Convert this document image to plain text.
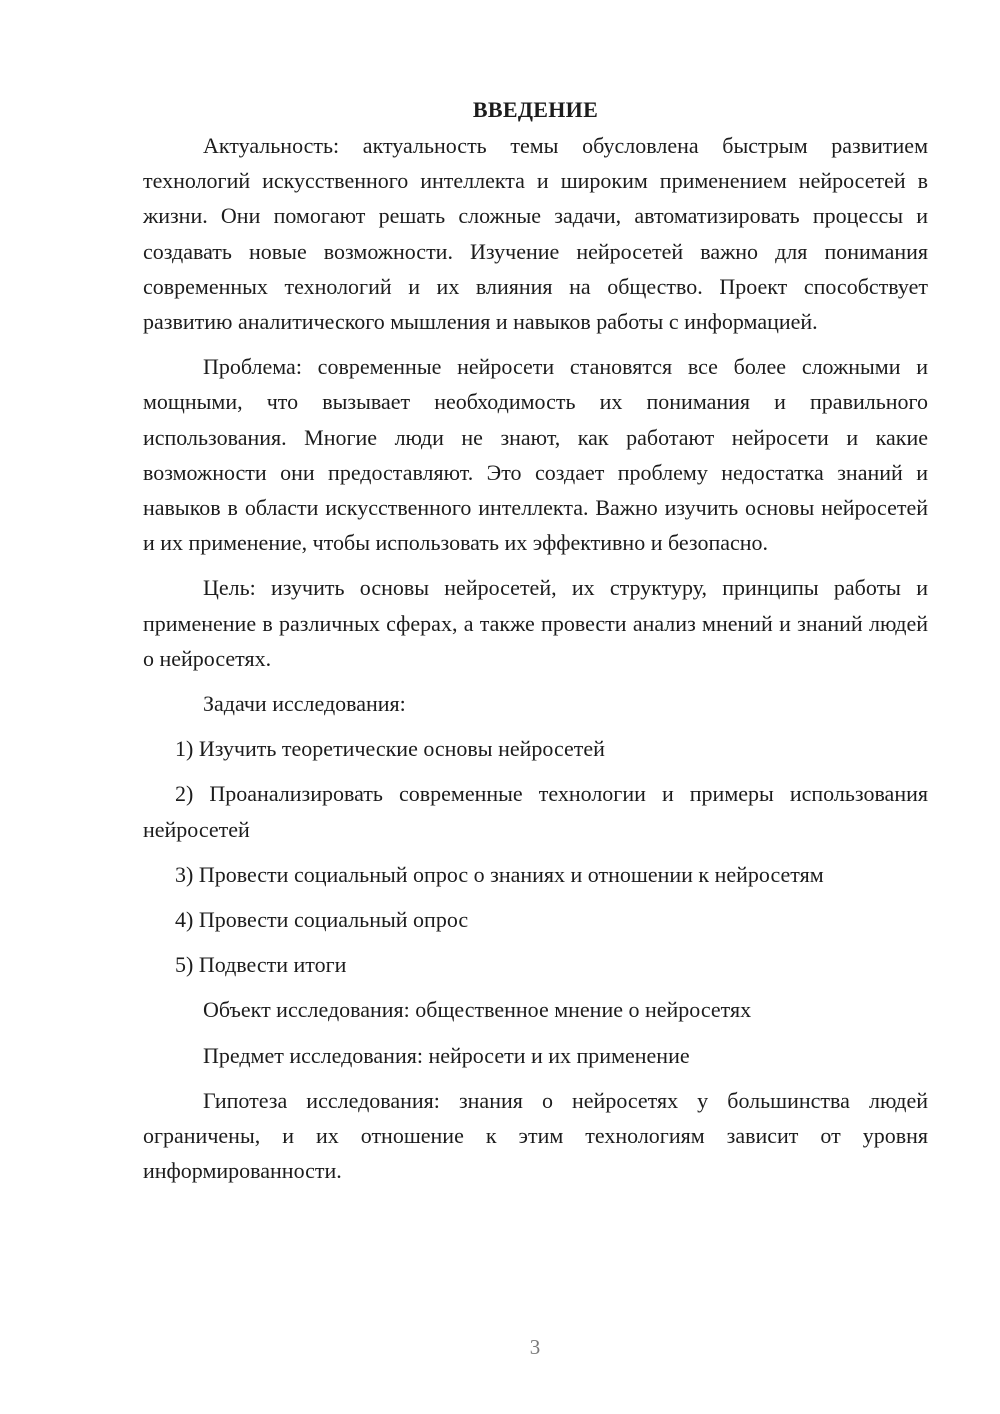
ВВЕДЕНИЕ

Актуальность: актуальность темы обусловлена быстрым развитием технологий искусственного интеллекта и широким применением нейросетей в жизни. Они помогают решать сложные задачи, автоматизировать процессы и создавать новые возможности. Изучение нейросетей важно для понимания современных технологий и их влияния на общество. Проект способствует развитию аналитического мышления и навыков работы с информацией.

Проблема: современные нейросети становятся все более сложными и мощными, что вызывает необходимость их понимания и правильного использования. Многие люди не знают, как работают нейросети и какие возможности они предоставляют. Это создает проблему недостатка знаний и навыков в области искусственного интеллекта. Важно изучить основы нейросетей и их применение, чтобы использовать их эффективно и безопасно.

Цель: изучить основы нейросетей, их структуру, принципы работы и применение в различных сферах, а также провести анализ мнений и знаний людей о нейросетях.

Задачи исследования:
1) Изучить теоретические основы нейросетей

2) Проанализировать современные технологии и примеры использования нейросетей

3) Провести социальный опрос о знаниях и отношении к нейросетям
4) Провести социальный опрос
5) Подвести итоги
Объект исследования: общественное мнение о нейросетях
Предмет исследования: нейросети и их применение

Гипотеза исследования: знания о нейросетях у большинства людей ограничены, и их отношение к этим технологиям зависит от уровня информированности.

3
